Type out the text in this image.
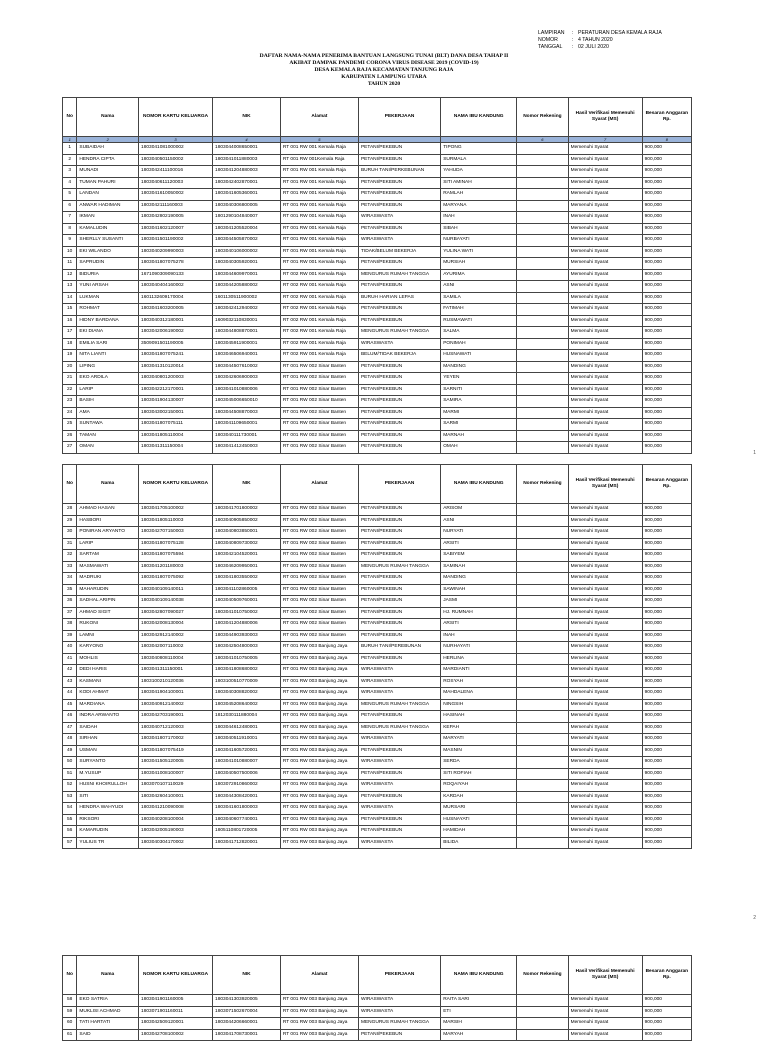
LAMPIRAN	: PERATURAN DESA KEMALA RAJA
NOMOR	: 4 TAHUN 2020
TANGGAL	: 02 JULI 2020
DAFTAR NAMA-NAMA PENERIMA BANTUAN LANGSUNG TUNAI (BLT) DANA DESA TAHAP II
AKIBAT DAMPAK PANDEMI CORONA VIRUS DISEASE 2019 (COVID-19)
DESA KEMALA RAJA KECAMATAN TANJUNG RAJA
KABUPATEN LAMPUNG UTARA
TAHUN 2020
No	Nama	NOMOR KARTU KELUARGA	NIK	Alamat	PEKERJAAN	NAMA IBU KANDUNG	Nomor Rekening	Hasil Verifikasi Memenuhi Syarat (MS)	Besaran Anggaran Rp.
1	2	3	4	5			6	7	8
1	SUBAIDAH	1803041081000002	1803044008650001	RT 001 RW 001 Kemala Raja	PETANI/PEKEBUN	TIPONG		Memenuhi Syarat	900,000
2	HENDRA CIPTA	1803040501150002	1803041011880003	RT 001 RW 001Kemala Raja	PETANI/PEKEBUN	SURMALA		Memenuhi Syarat	900,000
3	MUNADI	1803042411100016	1803041204880003	RT 001 RW 001 Kemala Raja	BURUH TANI/PERKEBUNAN	YAHUDA		Memenuhi Syarat	900,000
4	TUMAN PAHURI	1803040611120003	1803042402870001	RT 001 RW 001 Kemala Raja	PETANI/PEKEBUN	SITI AMINAH		Memenuhi Syarat	900,000
5	LANDAN	1803041610050002	1803041605360001	RT 001 RW 001 Kemala Raja	PETANI/PEKEBUN	RAMLAH		Memenuhi Syarat	900,000
6	ANWAR HADIMAN	1803042111160003	1803040306800005	RT 001 RW 001 Kemala Raja	PETANI/PEKEBUN	MARYANA		Memenuhi Syarat	900,000
7	IKMAN	1803042802190005	1801290104840007	RT 001 RW 001 Kemala Raja	WIRASWASTA	INAH		Memenuhi Syarat	900,000
8	KAMALUDIN	1803041602120007	1803041205520004	RT 001 RW 001 Kemala Raja	PETANI/PEKEBUN	SIBAH		Memenuhi Syarat	900,000
9	SHERLLY SUSANTI	1803041501190002	1803044505870002	RT 001 RW 001 Kemala Raja	WIRASWASTA	NURBAYATI		Memenuhi Syarat	900,000
10	EKI WILANDO	1803040209990003	1803040106000002	RT 001 RW 001 Kemala Raja	TIDAK/BELUM BEKERJA	YULINA WATI		Memenuhi Syarat	900,000
11	SAPRUDIN	1803041807075278	1803040305920001	RT 001 RW 001 Kemala Raja	PETANI/PEKEBUN	MURSIAH		Memenuhi Syarat	900,000
12	BIDURIA	1671090309090133	1803044609970001	RT 002 RW 001 Kemala Raja	MENGURUS RUMAH TANGGA	AYURIMA		Memenuhi Syarat	900,000
13	YUNI ARSAH	1803040404160002	1803044205880002	RT 002 RW 001 Kemala Raja	PETANI/PEKEBUN	ASNI		Memenuhi Syarat	900,000
14	LUKMAN	1601132609170004	1601130511900002	RT 002 RW 001 Kemala Raja	BURUH HARIAN LEPAS	SAMILA		Memenuhi Syarat	900,000
15	ROHMAT	1803041603200005	1803042412940002	RT 002 RW 001 Kemala Raja	PETANI/PEKEBUN	FATIMAH		Memenuhi Syarat	900,000
16	HIDNY BARDANA	1803040312180001	1609032110830001	RT 002 RW 001 Kemala Raja	PETANI/PEKEBUN	RUSMAWATI		Memenuhi Syarat	900,000
17	EKI DIANA	1803042006190002	1803044808870001	RT 002 RW 001 Kemala Raja	MENGURUS RUMAH TANGGA	SALMA		Memenuhi Syarat	900,000
18	EMILIA SARI	3509091501190005	1803045911900001	RT 002 RW 001 Kemala Raja	WIRASWASTA	PONIMAH		Memenuhi Syarat	900,000
19	NITA LIANTI	1803041807075241	1803046506940001	RT 002 RW 001 Kemala Raja	BELUM/TIDAK BEKERJA	HUSNAWATI		Memenuhi Syarat	900,000
20	LIPING	1803041310120014	1803044507610002	RT 001 RW 002 Sinar Banten	PETANI/PEKEBUN	MANDING		Memenuhi Syarat	900,000
21	EKO ARDILA	1803040801200003	1803042606900003	RT 001 RW 002 Sinar Banten	PETANI/PEKEBUN	YEYEN		Memenuhi Syarat	900,000
22	LARIP	1803042212170001	1803041010880006	RT 001 RW 002 Sinar Banten	PETANI/PEKEBUN	SARNITI		Memenuhi Syarat	900,000
23	BASIH	1803041904130007	1803045006650010	RT 001 RW 002 Sinar Banten	PETANI/PEKEBUN	SAMIRA		Memenuhi Syarat	900,000
24	AMA	1803043002150001	1803044508870003	RT 001 RW 002 Sinar Banten	PETANI/PEKEBUN	MARMI		Memenuhi Syarat	900,000
25	SUNTAWA	1803041807075111	1803041109650001	RT 001 RW 002 Sinar Banten	PETANI/PEKEBUN	SARMI		Memenuhi Syarat	900,000
26	TAMAN	1803041805110004	1803040111730001	RT 001 RW 002 Sinar Banten	PETANI/PEKEBUN	MARNAH		Memenuhi Syarat	900,000
27	OMAN	1803041311150004	1803041412450003	RT 001 RW 002 Sinar Banten	PETANI/PEKEBUN	OMAH		Memenuhi Syarat	900,000
1
No	Nama	NOMOR KARTU KELUARGA	NIK	Alamat	PEKERJAAN	NAMA IBU KANDUNG	Nomor Rekening	Hasil Verifikasi Memenuhi Syarat (MS)	Besaran Anggaran Rp.
28	AHMAD HASAN	1803041705100002	1803041701600002	RT 001 RW 002 Sinar Banten	PETANI/PEKEBUN	ARISOM		Memenuhi Syarat	900,000
29	HASBORI	1803041805110003	1803040905850002	RT 001 RW 002 Sinar Banten	PETANI/PEKEBUN	ASNI		Memenuhi Syarat	900,000
30	PONIRAN ARYANTO	1803042707150003	1803040803850001	RT 001 RW 002 Sinar Banten	PETANI/PEKEBUN	NURYATI		Memenuhi Syarat	900,000
31	LARIP	1803041807075128	1803040809730002	RT 001 RW 002 Sinar Banten	PETANI/PEKEBUN	ARSITI		Memenuhi Syarat	900,000
32	SARTAM	1803041807075594	1803042104520001	RT 001 RW 002 Sinar Banten	PETANI/PEKEBUN	SABIYEM		Memenuhi Syarat	900,000
33	MASMAWATI	1803041201180003	1803046209950001	RT 001 RW 002 Sinar Banten	MENGURUS RUMAH TANGGA	SAMINAH		Memenuhi Syarat	900,000
34	MADRUKI	1803041807075092	1803041803550002	RT 001 RW 002 Sinar Banten	PETANI/PEKEBUN	MANDING		Memenuhi Syarat	900,000
35	MAHARUDIN	1803040109140011	1803041102860005	RT 001 RW 002 Sinar Banten	PETANI/PEKEBUN	SAWINAH		Memenuhi Syarat	900,000
36	SADHAL ARIPIN	1803040109140038	1803040509760001	RT 001 RW 002 Sinar Banten	PETANI/PEKEBUN	JASMI		Memenuhi Syarat	900,000
37	AHMAD SIGIT	1803042807090027	1803041010750002	RT 001 RW 002 Sinar Banten	PETANI/PEKEBUN	HJ. RUMNAH		Memenuhi Syarat	900,000
38	RUKONI	1803042008130004	1803041204880006	RT 001 RW 002 Sinar Banten	PETANI/PEKEBUN	ARSITI		Memenuhi Syarat	900,000
39	LAMNI	1803042912140002	1803044903930003	RT 001 RW 002 Sinar Banten	PETANI/PEKEBUN	INAH		Memenuhi Syarat	900,000
40	KARYONO	1803042007110002	1803042504800003	RT 001 RW 003 Banjung Jaya	BURUH TANI/PEREBUNAN	NURHAYATI		Memenuhi Syarat	900,000
41	MOHLIS	1803040808110004	1803041010750005	RT 001 RW 003 Banjung Jaya	PETANI/PEKEBUN	HERLINA		Memenuhi Syarat	900,000
42	DEDI HARIS	1803041311150001	1803041808680002	RT 001 RW 003 Banjung Jaya	WIRASWASTA	MARDIANTI		Memenuhi Syarat	900,000
43	KASMANI	1803100210120036	1803100510770009	RT 001 RW 003 Banjung Jaya	WIRASWASTA	ROSYAH		Memenuhi Syarat	900,000
44	KODI AHMAT	1803041904100001	1803040308820002	RT 001 RW 003 Banjung Jaya	WIRASWASTA	MAHDALENA		Memenuhi Syarat	900,000
45	MARDIANA	1803040912140002	1803045208640002	RT 001 RW 003 Banjung Jaya	MENGURUS RUMAH TANGGA	NINGSIH		Memenuhi Syarat	900,000
46	INDRA ARWANTO	1803042703190001	1812030111880004	RT 001 RW 003 Banjung Jaya	PETANI/PEKEBUN	HASINAH		Memenuhi Syarat	900,000
47	SAIDAH	1803040712120003	1803044612480001	RT 001 RW 003 Banjung Jaya	MENGURUS RUMAH TANGGA	KEPAH		Memenuhi Syarat	900,000
48	SIRHAN	1803041807170002	1803040511910001	RT 001 RW 003 Banjung Jaya	WIRASWASTA	MARYATI		Memenuhi Syarat	900,000
49	USMAN	1803041807075419	1803041605720001	RT 001 RW 003 Banjung Jaya	PETANI/PEKEBUN	MASNIN		Memenuhi Syarat	900,000
50	SURYANTO	1803041505120005	1803041010880007	RT 001 RW 003 Banjung Jaya	WIRASWASTA	SERDA		Memenuhi Syarat	900,000
51	M.YUSUP	1803041008100007	1803040507500006	RT 001 RW 003 Banjung Jaya	PETANI/PEKEBUN	SITI ROFIAH		Memenuhi Syarat	900,000
52	HUSNI KHOIRULLOH	1803070107110029	1803072910860002	RT 001 RW 003 Banjung Jaya	WIRASWASTA	ROQAIYAH		Memenuhi Syarat	900,000
53	SITI	1803042604100001	1803044308420001	RT 001 RW 003 Banjung Jaya	PETANI/PEKEBUN	KARDAH		Memenuhi Syarat	900,000
54	HENDRA WAHYUDI	1803041210090008	1803041601800003	RT 001 RW 003 Banjung Jaya	WIRASWASTA	MURSARI		Memenuhi Syarat	900,000
55	RIKSORI	1803040208100004	1803040607740001	RT 001 RW 003 Banjung Jaya	PETANI/PEKEBUN	HUSNAYATI		Memenuhi Syarat	900,000
56	KAMARUDIN	1803042005190003	1805110801720005	RT 001 RW 003 Banjung Jaya	PETANI/PEKEBUN	HAMIDAH		Memenuhi Syarat	900,000
57	YULIUS TR	1803040304170002	1803041712820001	RT 001 RW 003 Banjung Jaya	WIRASWASTA	BILIDA		Memenuhi Syarat	900,000
2
No	Nama	NOMOR KARTU KELUARGA	NIK	Alamat	PEKERJAAN	NAMA IBU KANDUNG	Nomor Rekening	Hasil Verifikasi Memenuhi Syarat (MS)	Besaran Anggaran Rp.
58	EKO SATRIA	1803041901160005	1803041303920005	RT 001 RW 003 Banjung Jaya	WIRASWASTA	RAITA SARI		Memenuhi Syarat	900,000
59	MUKLISI ACHMAD	1803071901160011	1803071502670004	RT 001 RW 003 Banjung Jaya	WIRASWASTA	ETI		Memenuhi Syarat	900,000
60	TATI HARTATI	1803042509120001	1803044206660001	RT 001 RW 003 Banjung Jaya	MENGURUS RUMAH TANGGA	MARSIH		Memenuhi Syarat	900,000
61	SAID	1803042708100002	1803041708730001	RT 001 RW 003 Banjung Jaya	PETANI/PEKEBUN	MARYAH		Memenuhi Syarat	900,000
